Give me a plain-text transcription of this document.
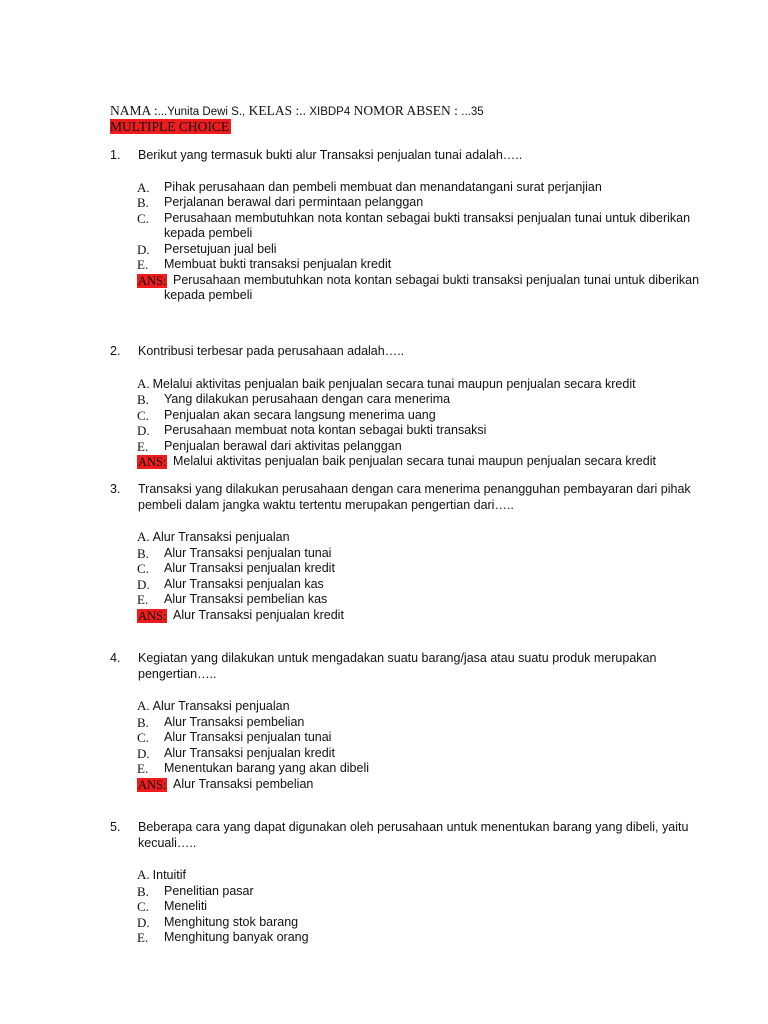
NAMA :...Yunita Dewi S., KELAS :.. XIBDP4 NOMOR ABSEN : ...35
MULTIPLE CHOICE
1.	Berikut yang termasuk bukti alur Transaksi penjualan tunai adalah…..
A. Pihak perusahaan dan pembeli membuat dan menandatangani surat perjanjian
B. Perjalanan berawal dari permintaan pelanggan
C. Perusahaan membutuhkan nota kontan sebagai bukti transaksi penjualan tunai untuk diberikan kepada pembeli
D. Persetujuan jual beli
E. Membuat bukti transaksi penjualan kredit
ANS: Perusahaan membutuhkan nota kontan sebagai bukti transaksi penjualan tunai untuk diberikan kepada pembeli
2.	Kontribusi terbesar pada perusahaan adalah…..
A. Melalui aktivitas penjualan baik penjualan secara tunai maupun penjualan secara kredit
B. Yang dilakukan perusahaan dengan cara menerima
C. Penjualan akan secara langsung menerima uang
D. Perusahaan membuat nota kontan sebagai bukti transaksi
E. Penjualan berawal dari aktivitas pelanggan
ANS: Melalui aktivitas penjualan baik penjualan secara tunai maupun penjualan secara kredit
3.	Transaksi yang dilakukan perusahaan dengan cara menerima penangguhan pembayaran dari pihak pembeli dalam jangka waktu tertentu merupakan pengertian dari…..
A. Alur Transaksi penjualan
B. Alur Transaksi penjualan tunai
C. Alur Transaksi penjualan kredit
D. Alur Transaksi penjualan kas
E. Alur Transaksi pembelian kas
ANS: Alur Transaksi penjualan kredit
4.	Kegiatan yang dilakukan untuk mengadakan suatu barang/jasa atau suatu produk merupakan pengertian…..
A. Alur Transaksi penjualan
B. Alur Transaksi pembelian
C. Alur Transaksi penjualan tunai
D. Alur Transaksi penjualan kredit
E. Menentukan barang yang akan dibeli
ANS: Alur Transaksi pembelian
5.	Beberapa cara yang dapat digunakan oleh perusahaan untuk menentukan barang yang dibeli, yaitu kecuali…..
A. Intuitif
B. Penelitian pasar
C. Meneliti
D. Menghitung stok barang
E. Menghitung banyak orang
